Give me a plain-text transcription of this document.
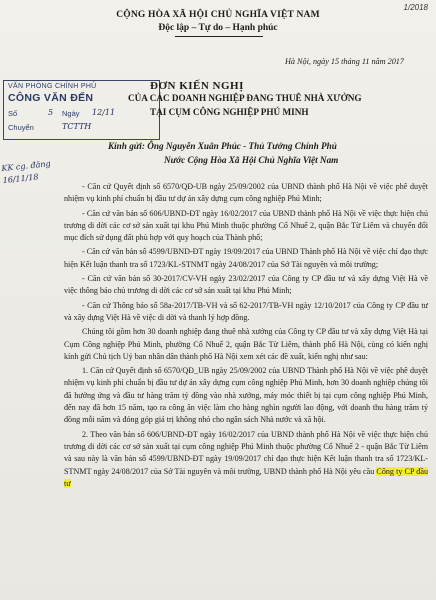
1/2018
CỘNG HÒA XÃ HỘI CHỦ NGHĨA VIỆT NAM
Độc lập – Tự do – Hạnh phúc
Hà Nội, ngày 15 tháng 11 năm 2017
VĂN PHÒNG CHÍNH PHỦ
CÔNG VĂN ĐẾN
Số	5 Ngày 12/11
Chuyển	TCTTH
ĐƠN KIẾN NGHỊ
CỦA CÁC DOANH NGHIỆP ĐANG THUÊ NHÀ XƯỞNG
TẠI CỤM CÔNG NGHIỆP PHÚ MINH
KK cg. đăng 16/11/18
Kính gửi: Ông Nguyễn Xuân Phúc - Thủ Tướng Chính Phủ
Nước Cộng Hòa Xã Hội Chủ Nghĩa Việt Nam

- Căn cứ Quyết định số 6570/QĐ-UB ngày 25/09/2002 của UBND thành phố Hà Nội về việc phê duyệt nhiệm vụ kinh phí chuẩn bị đầu tư dự án xây dựng cụm công nghiệp Phú Minh;

- Căn cứ văn bản số 606/UBND-ĐT ngày 16/02/2017 của UBND thành phố Hà Nội về việc thực hiện chủ trương di dời các cơ sở sản xuất tại khu Phú Minh thuộc phường Cổ Nhuế 2, quận Bắc Từ Liêm và chuyển đổi mục đích sử dụng đất phù hợp với quy hoạch của Thành phố;

- Căn cứ văn bản số 4599/UBND-ĐT ngày 19/09/2017 của UBND Thành phố Hà Nội về việc chỉ đạo thực hiện Kết luận thanh tra số 1723/KL-STNMT ngày 24/08/2017 của Sở Tài nguyên và môi trường;

- Căn cứ văn bản số 30-2017/CV-VH ngày 23/02/2017 của Công ty CP đầu tư và xây dựng Việt Hà về việc thông báo chủ trương di dời các cơ sở sản xuất tại khu Phú Minh;

- Căn cứ Thông báo số 58a-2017/TB-VH và số 62-2017/TB-VH ngày 12/10/2017 của Công ty CP đầu tư và xây dựng Việt Hà về việc di dời và thanh lý hợp đồng.

Chúng tôi gồm hơn 30 doanh nghiệp đang thuê nhà xưởng của Công ty CP đầu tư và xây dựng Việt Hà tại Cụm Công nghiệp Phú Minh, phường Cổ Nhuế 2, quận Bắc Từ Liêm, thành phố Hà Nội, cùng có kiến nghị kính gửi Chủ tịch Uỷ ban nhân dân thành phố Hà Nội xem xét các đề xuất, kiến nghị như sau:

1. Căn cứ Quyết định số 6570/QĐ_UB ngày 25/09/2002 của UBND Thành phố Hà Nội về việc phê duyệt nhiệm vụ kinh phí chuẩn bị đầu tư dự án xây dựng cụm công nghiệp Phú Minh, hơn 30 doanh nghiệp chúng tôi đã hưởng ứng và đầu tư hàng trăm tỷ đồng vào nhà xưởng, máy móc thiết bị tại cụm công nghiệp Phú Minh, đến nay đã hơn 15 năm, tạo ra công ăn việc làm cho hàng nghìn người lao động, với doanh thu hàng trăm tỷ đồng mỗi năm và đóng góp giá trị không nhỏ cho ngân sách Nhà nước và xã hội.

2. Theo văn bản số 606/UBND-ĐT ngày 16/02/2017 của UBND thành phố Hà Nội về việc thực hiện chủ trương di dời các cơ sở sản xuất tại cụm công nghiệp Phú Minh thuộc phường Cổ Nhuế 2 - quận Bắc Từ Liêm và sau này là văn bản số 4599/UBND-ĐT ngày 19/09/2017 chỉ đạo thực hiện Kết luận thanh tra số 1723/KL-STNMT ngày 24/08/2017 của Sở Tài nguyên và môi trường, UBND thành phố Hà Nội yêu cầu Công ty CP đầu tư
